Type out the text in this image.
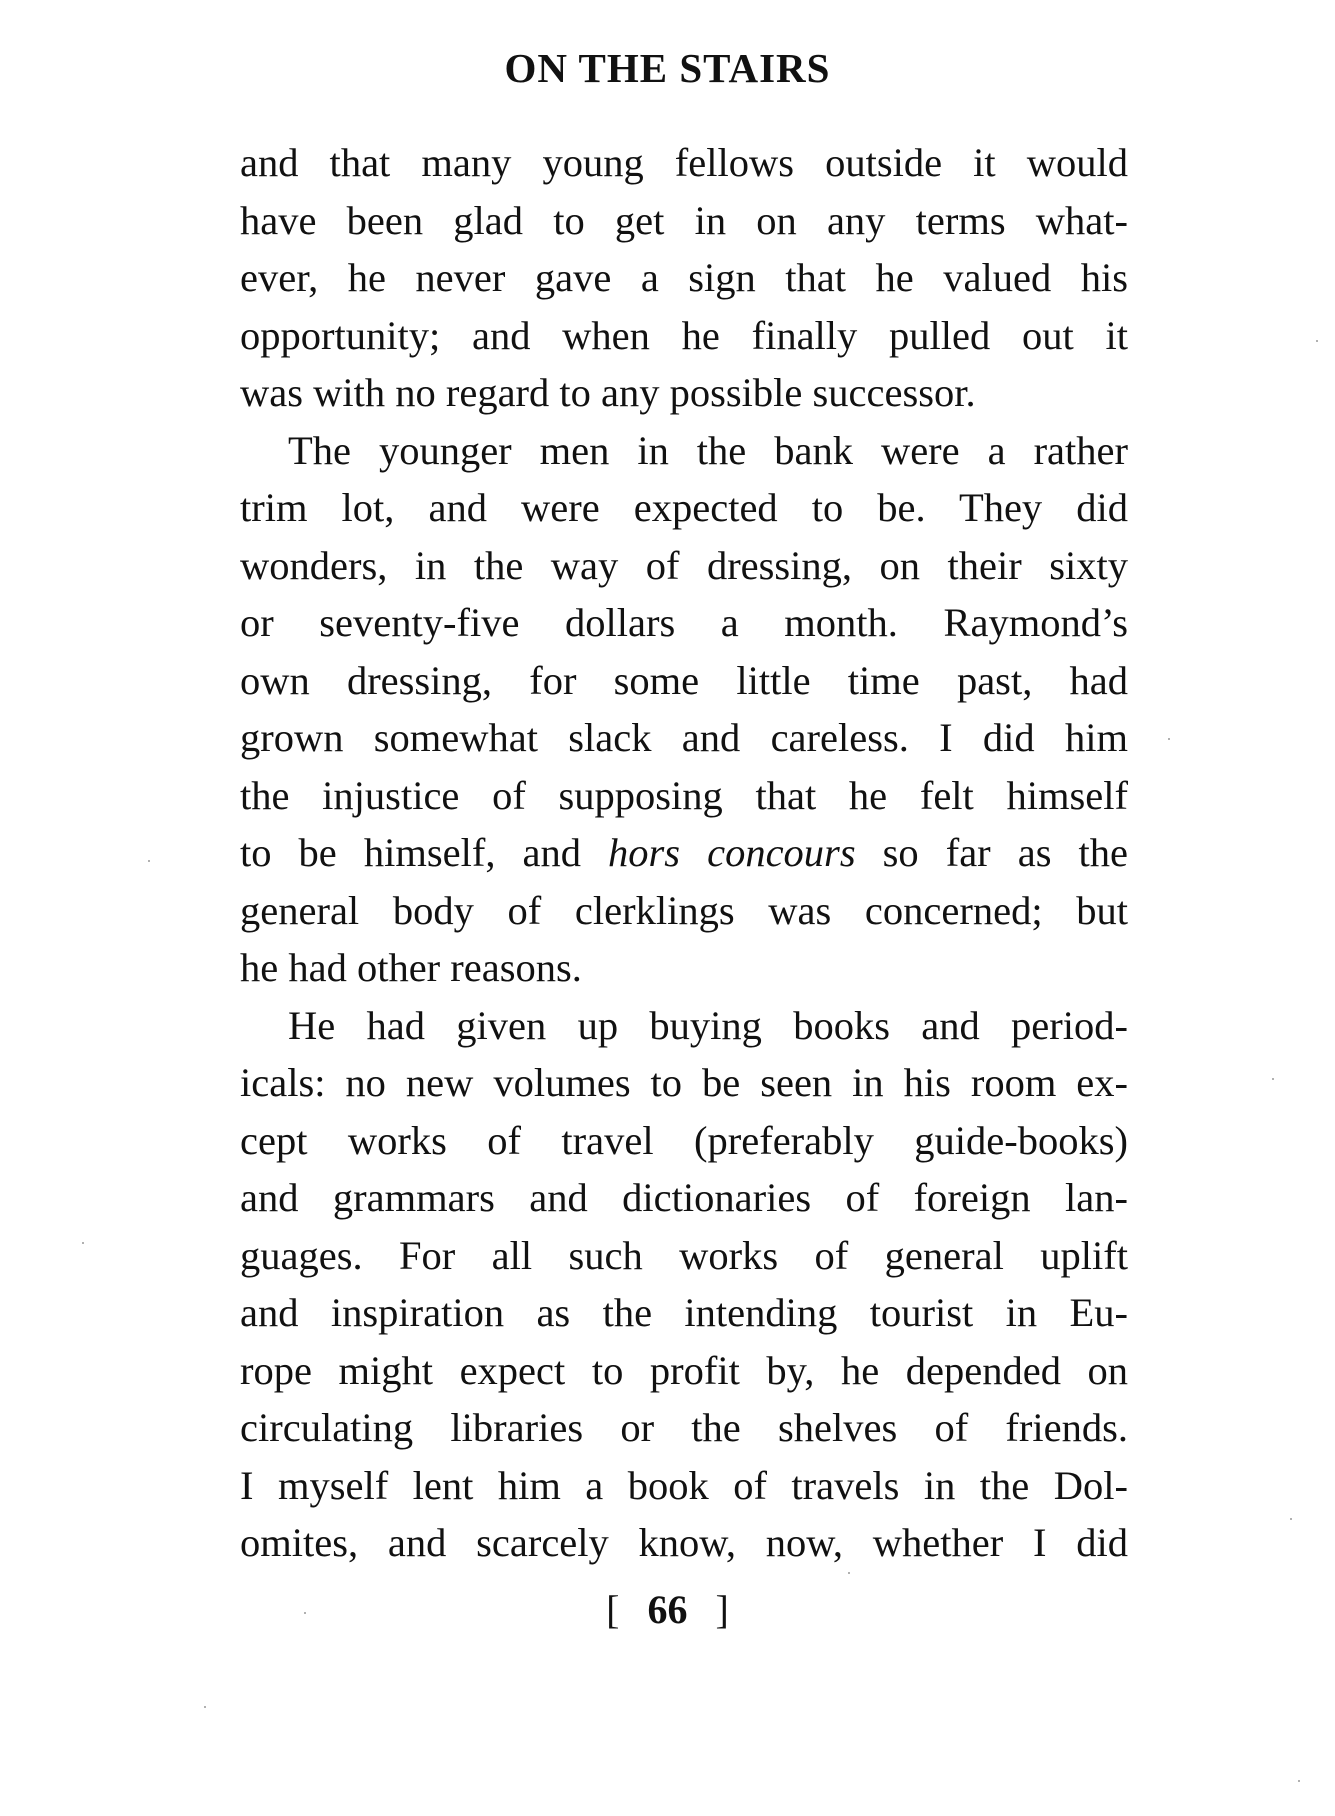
ON THE STAIRS
and that many young fellows outside it would
have been glad to get in on any terms what-
ever, he never gave a sign that he valued his
opportunity; and when he finally pulled out it
was with no regard to any possible successor.
The younger men in the bank were a rather
trim lot, and were expected to be. They did
wonders, in the way of dressing, on their sixty
or seventy-five dollars a month. Raymond’s
own dressing, for some little time past, had
grown somewhat slack and careless. I did him
the injustice of supposing that he felt himself
to be himself, and hors concours so far as the
general body of clerklings was concerned; but
he had other reasons.
He had given up buying books and period-
icals: no new volumes to be seen in his room ex-
cept works of travel (preferably guide-books)
and grammars and dictionaries of foreign lan-
guages. For all such works of general uplift
and inspiration as the intending tourist in Eu-
rope might expect to profit by, he depended on
circulating libraries or the shelves of friends.
I myself lent him a book of travels in the Dol-
omites, and scarcely know, now, whether I did
[ 66 ]
